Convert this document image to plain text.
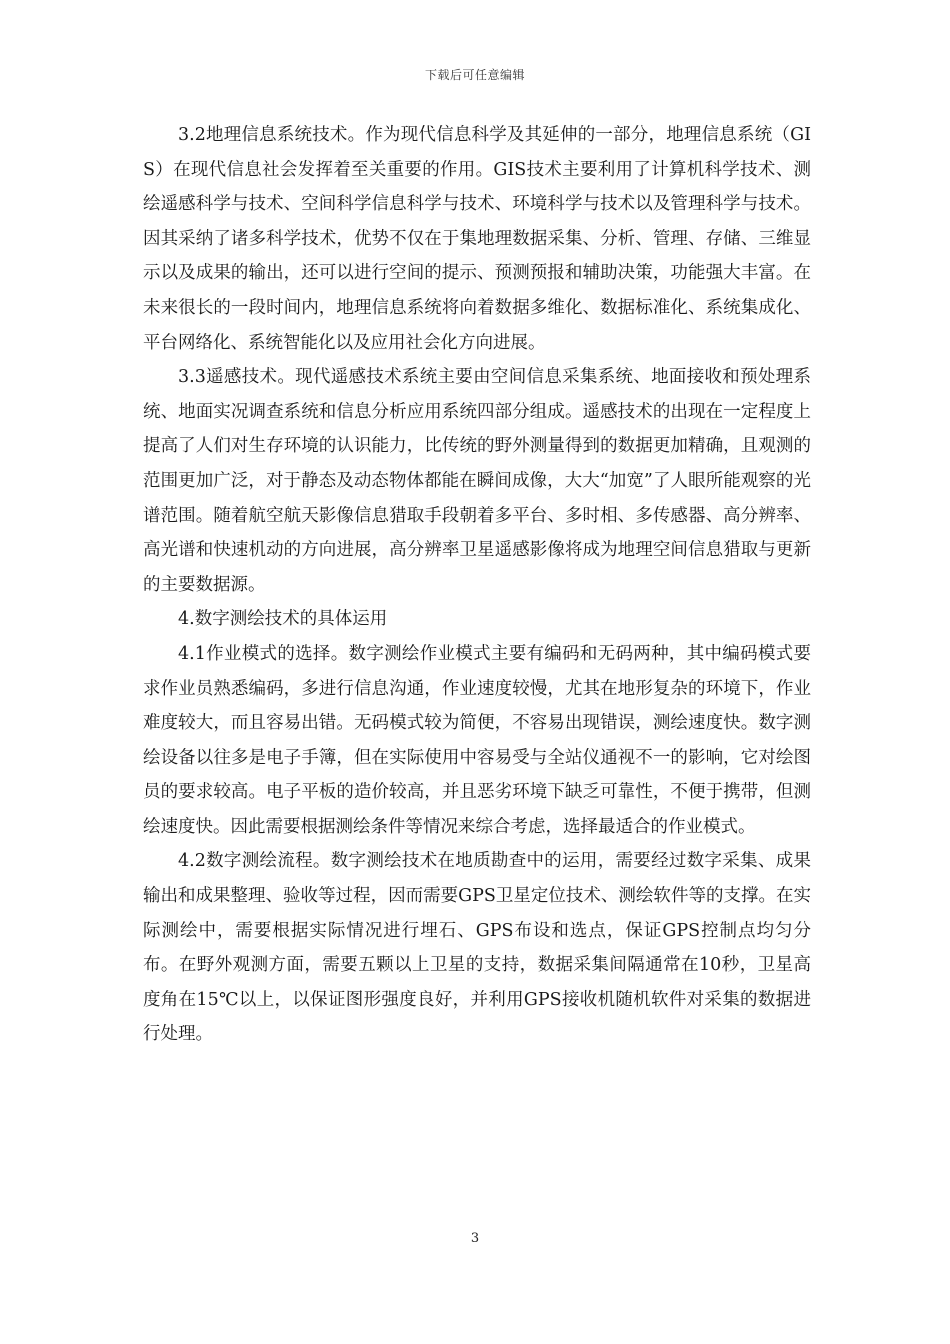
下载后可任意编辑

3.2地理信息系统技术。作为现代信息科学及其延伸的一部分，地理信息系统（GIS）在现代信息社会发挥着至关重要的作用。GIS技术主要利用了计算机科学技术、测绘遥感科学与技术、空间科学信息科学与技术、环境科学与技术以及管理科学与技术。因其采纳了诸多科学技术，优势不仅在于集地理数据采集、分析、管理、存储、三维显示以及成果的输出，还可以进行空间的提示、预测预报和辅助决策，功能强大丰富。在未来很长的一段时间内，地理信息系统将向着数据多维化、数据标准化、系统集成化、平台网络化、系统智能化以及应用社会化方向进展。

3.3遥感技术。现代遥感技术系统主要由空间信息采集系统、地面接收和预处理系统、地面实况调查系统和信息分析应用系统四部分组成。遥感技术的出现在一定程度上提高了人们对生存环境的认识能力，比传统的野外测量得到的数据更加精确，且观测的范围更加广泛，对于静态及动态物体都能在瞬间成像，大大“加宽”了人眼所能观察的光谱范围。随着航空航天影像信息猎取手段朝着多平台、多时相、多传感器、高分辨率、高光谱和快速机动的方向进展，高分辨率卫星遥感影像将成为地理空间信息猎取与更新的主要数据源。

4.数字测绘技术的具体运用

4.1作业模式的选择。数字测绘作业模式主要有编码和无码两种，其中编码模式要求作业员熟悉编码，多进行信息沟通，作业速度较慢，尤其在地形复杂的环境下，作业难度较大，而且容易出错。无码模式较为简便，不容易出现错误，测绘速度快。数字测绘设备以往多是电子手簿，但在实际使用中容易受与全站仪通视不一的影响，它对绘图员的要求较高。电子平板的造价较高，并且恶劣环境下缺乏可靠性，不便于携带，但测绘速度快。因此需要根据测绘条件等情况来综合考虑，选择最适合的作业模式。

4.2数字测绘流程。数字测绘技术在地质勘查中的运用，需要经过数字采集、成果输出和成果整理、验收等过程，因而需要GPS卫星定位技术、测绘软件等的支撑。在实际测绘中，需要根据实际情况进行埋石、GPS布设和选点，保证GPS控制点均匀分布。在野外观测方面，需要五颗以上卫星的支持，数据采集间隔通常在10秒，卫星高度角在15℃以上，以保证图形强度良好，并利用GPS接收机随机软件对采集的数据进行处理。

3
